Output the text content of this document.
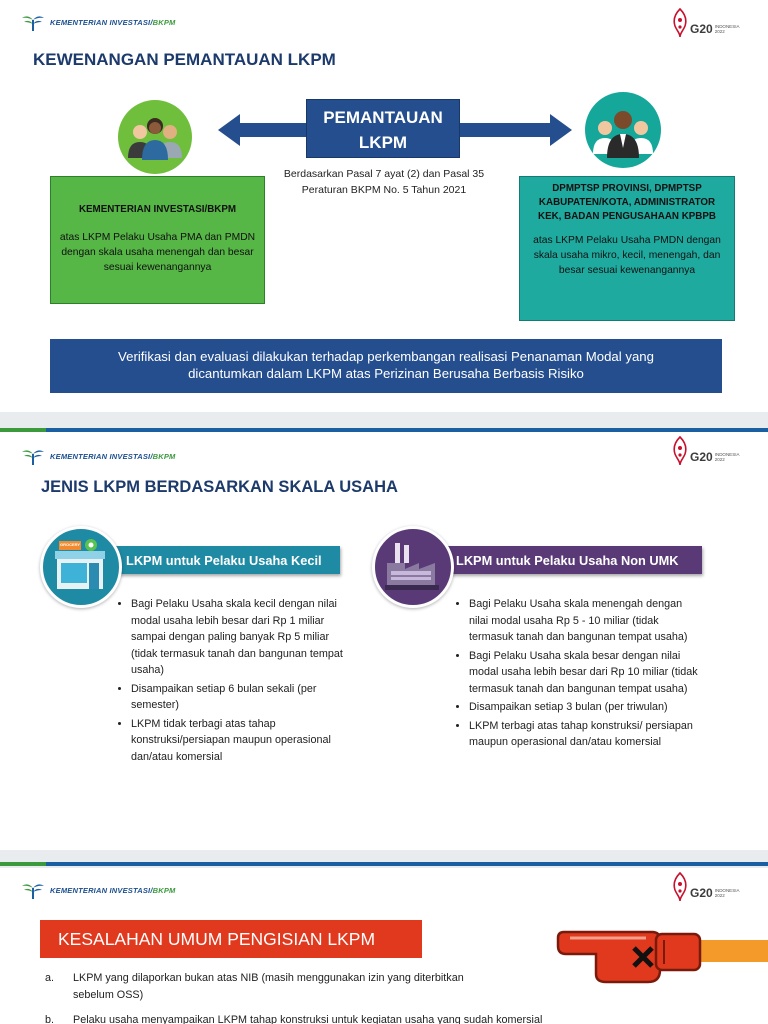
KEMENTERIAN INVESTASI/BKPM	G20 INDONESIA 2022
KEWENANGAN PEMANTAUAN LKPM
PEMANTAUAN
LKPM
Berdasarkan Pasal 7 ayat (2) dan Pasal 35
Peraturan BKPM No. 5 Tahun 2021
KEMENTERIAN INVESTASI/BKPM
atas LKPM Pelaku Usaha PMA dan PMDN dengan skala usaha menengah dan besar sesuai kewenangannya
DPMPTSP PROVINSI, DPMPTSP KABUPATEN/KOTA, ADMINISTRATOR KEK, BADAN PENGUSAHAAN KPBPB
atas LKPM Pelaku Usaha PMDN dengan skala usaha mikro, kecil, menengah, dan besar sesuai kewenangannya
Verifikasi dan evaluasi dilakukan terhadap perkembangan realisasi Penanaman Modal yang dicantumkan dalam LKPM atas Perizinan Berusaha Berbasis Risiko
KEMENTERIAN INVESTASI/BKPM	G20 INDONESIA 2022
JENIS LKPM BERDASARKAN SKALA USAHA
LKPM untuk Pelaku Usaha Kecil
GROCERY
LKPM untuk Pelaku Usaha Non UMK
• Bagi Pelaku Usaha skala kecil dengan nilai modal usaha lebih besar dari Rp 1 miliar sampai dengan paling banyak Rp 5 miliar (tidak termasuk tanah dan bangunan tempat usaha)
• Disampaikan setiap 6 bulan sekali (per semester)
• LKPM tidak terbagi atas tahap konstruksi/persiapan maupun operasional dan/atau komersial
• Bagi Pelaku Usaha skala menengah dengan nilai modal usaha Rp 5 - 10 miliar (tidak termasuk tanah dan bangunan tempat usaha)
• Bagi Pelaku Usaha skala besar dengan nilai modal usaha lebih besar dari Rp 10 miliar (tidak termasuk tanah dan bangunan tempat usaha)
• Disampaikan setiap 3 bulan (per triwulan)
• LKPM terbagi atas tahap konstruksi/ persiapan maupun operasional dan/atau komersial
KEMENTERIAN INVESTASI/BKPM	G20 INDONESIA 2022
KESALAHAN UMUM PENGISIAN LKPM
a.	LKPM yang dilaporkan bukan atas NIB (masih menggunakan izin yang diterbitkan
sebelum OSS)
b.	Pelaku usaha menyampaikan LKPM tahap konstruksi untuk kegiatan usaha yang sudah komersial
